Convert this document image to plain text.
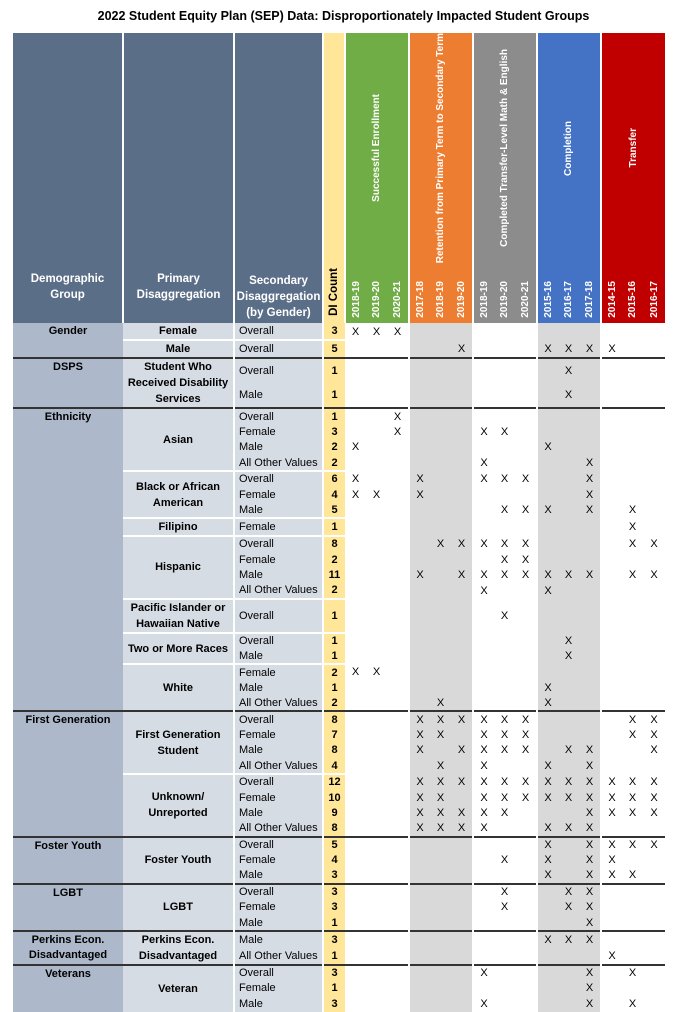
2022 Student Equity Plan (SEP) Data: Disproportionately Impacted Student Groups
Demographic Group	Primary Disaggregation	Secondary Disaggregation (by Gender)	DI Count	Successful Enrollment			Retention from Primary Term to Secondary Term			Completed Transfer-Level Math & English			Completion			Transfer		
				2018-19	2019-20	2020-21	2017-18	2018-19	2019-20	2018-19	2019-20	2020-21	2015-16	2016-17	2017-18	2014-15	2015-16	2016-17
Gender	Female	Overall	3	X	X	X												
	Male	Overall	5						X				X	X	X	X		
DSPS	Student Who Received Disability Services	Overall	1											X				
		Male	1											X				
Ethnicity	Asian	Overall	1			X												
		Female	3			X				X	X							
		Male	2	X									X					
		All Other Values	2							X					X			
	Black or African American	Overall	6	X			X			X	X	X			X			
		Female	4	X	X		X								X			
		Male	5								X	X	X		X		X	
	Filipino	Female	1														X	
	Hispanic	Overall	8					X	X	X	X	X					X	X
		Female	2								X	X						
		Male	11				X		X	X	X	X	X	X	X		X	X
		All Other Values	2							X			X					
	Pacific Islander or Hawaiian Native	Overall	1								X							
	Two or More Races	Overall	1											X				
		Male	1											X				
	White	Female	2	X	X													
		Male	1										X					
		All Other Values	2					X					X					
First Generation	First Generation Student	Overall	8				X	X	X	X	X	X					X	X
		Female	7				X	X		X	X	X					X	X
		Male	8				X		X	X	X	X		X	X			X
		All Other Values	4					X		X			X		X			
	Unknown/ Unreported	Overall	12				X	X	X	X	X	X	X	X	X	X	X	X
		Female	10				X	X		X	X	X	X	X	X	X	X	X
		Male	9				X	X	X	X	X				X	X	X	X
		All Other Values	8				X	X	X	X			X	X	X			
Foster Youth	Foster Youth	Overall	5										X		X	X	X	X
		Female	4								X		X		X	X		
		Male	3										X		X	X	X	
LGBT	LGBT	Overall	3								X			X	X			
		Female	3								X			X	X			
		Male	1												X			
Perkins Econ. Disadvantaged	Perkins Econ. Disadvantaged	Male	3										X	X	X			
		All Other Values	1													X		
Veterans	Veteran	Overall	3							X					X		X	
		Female	1												X			
		Male	3							X					X		X	
